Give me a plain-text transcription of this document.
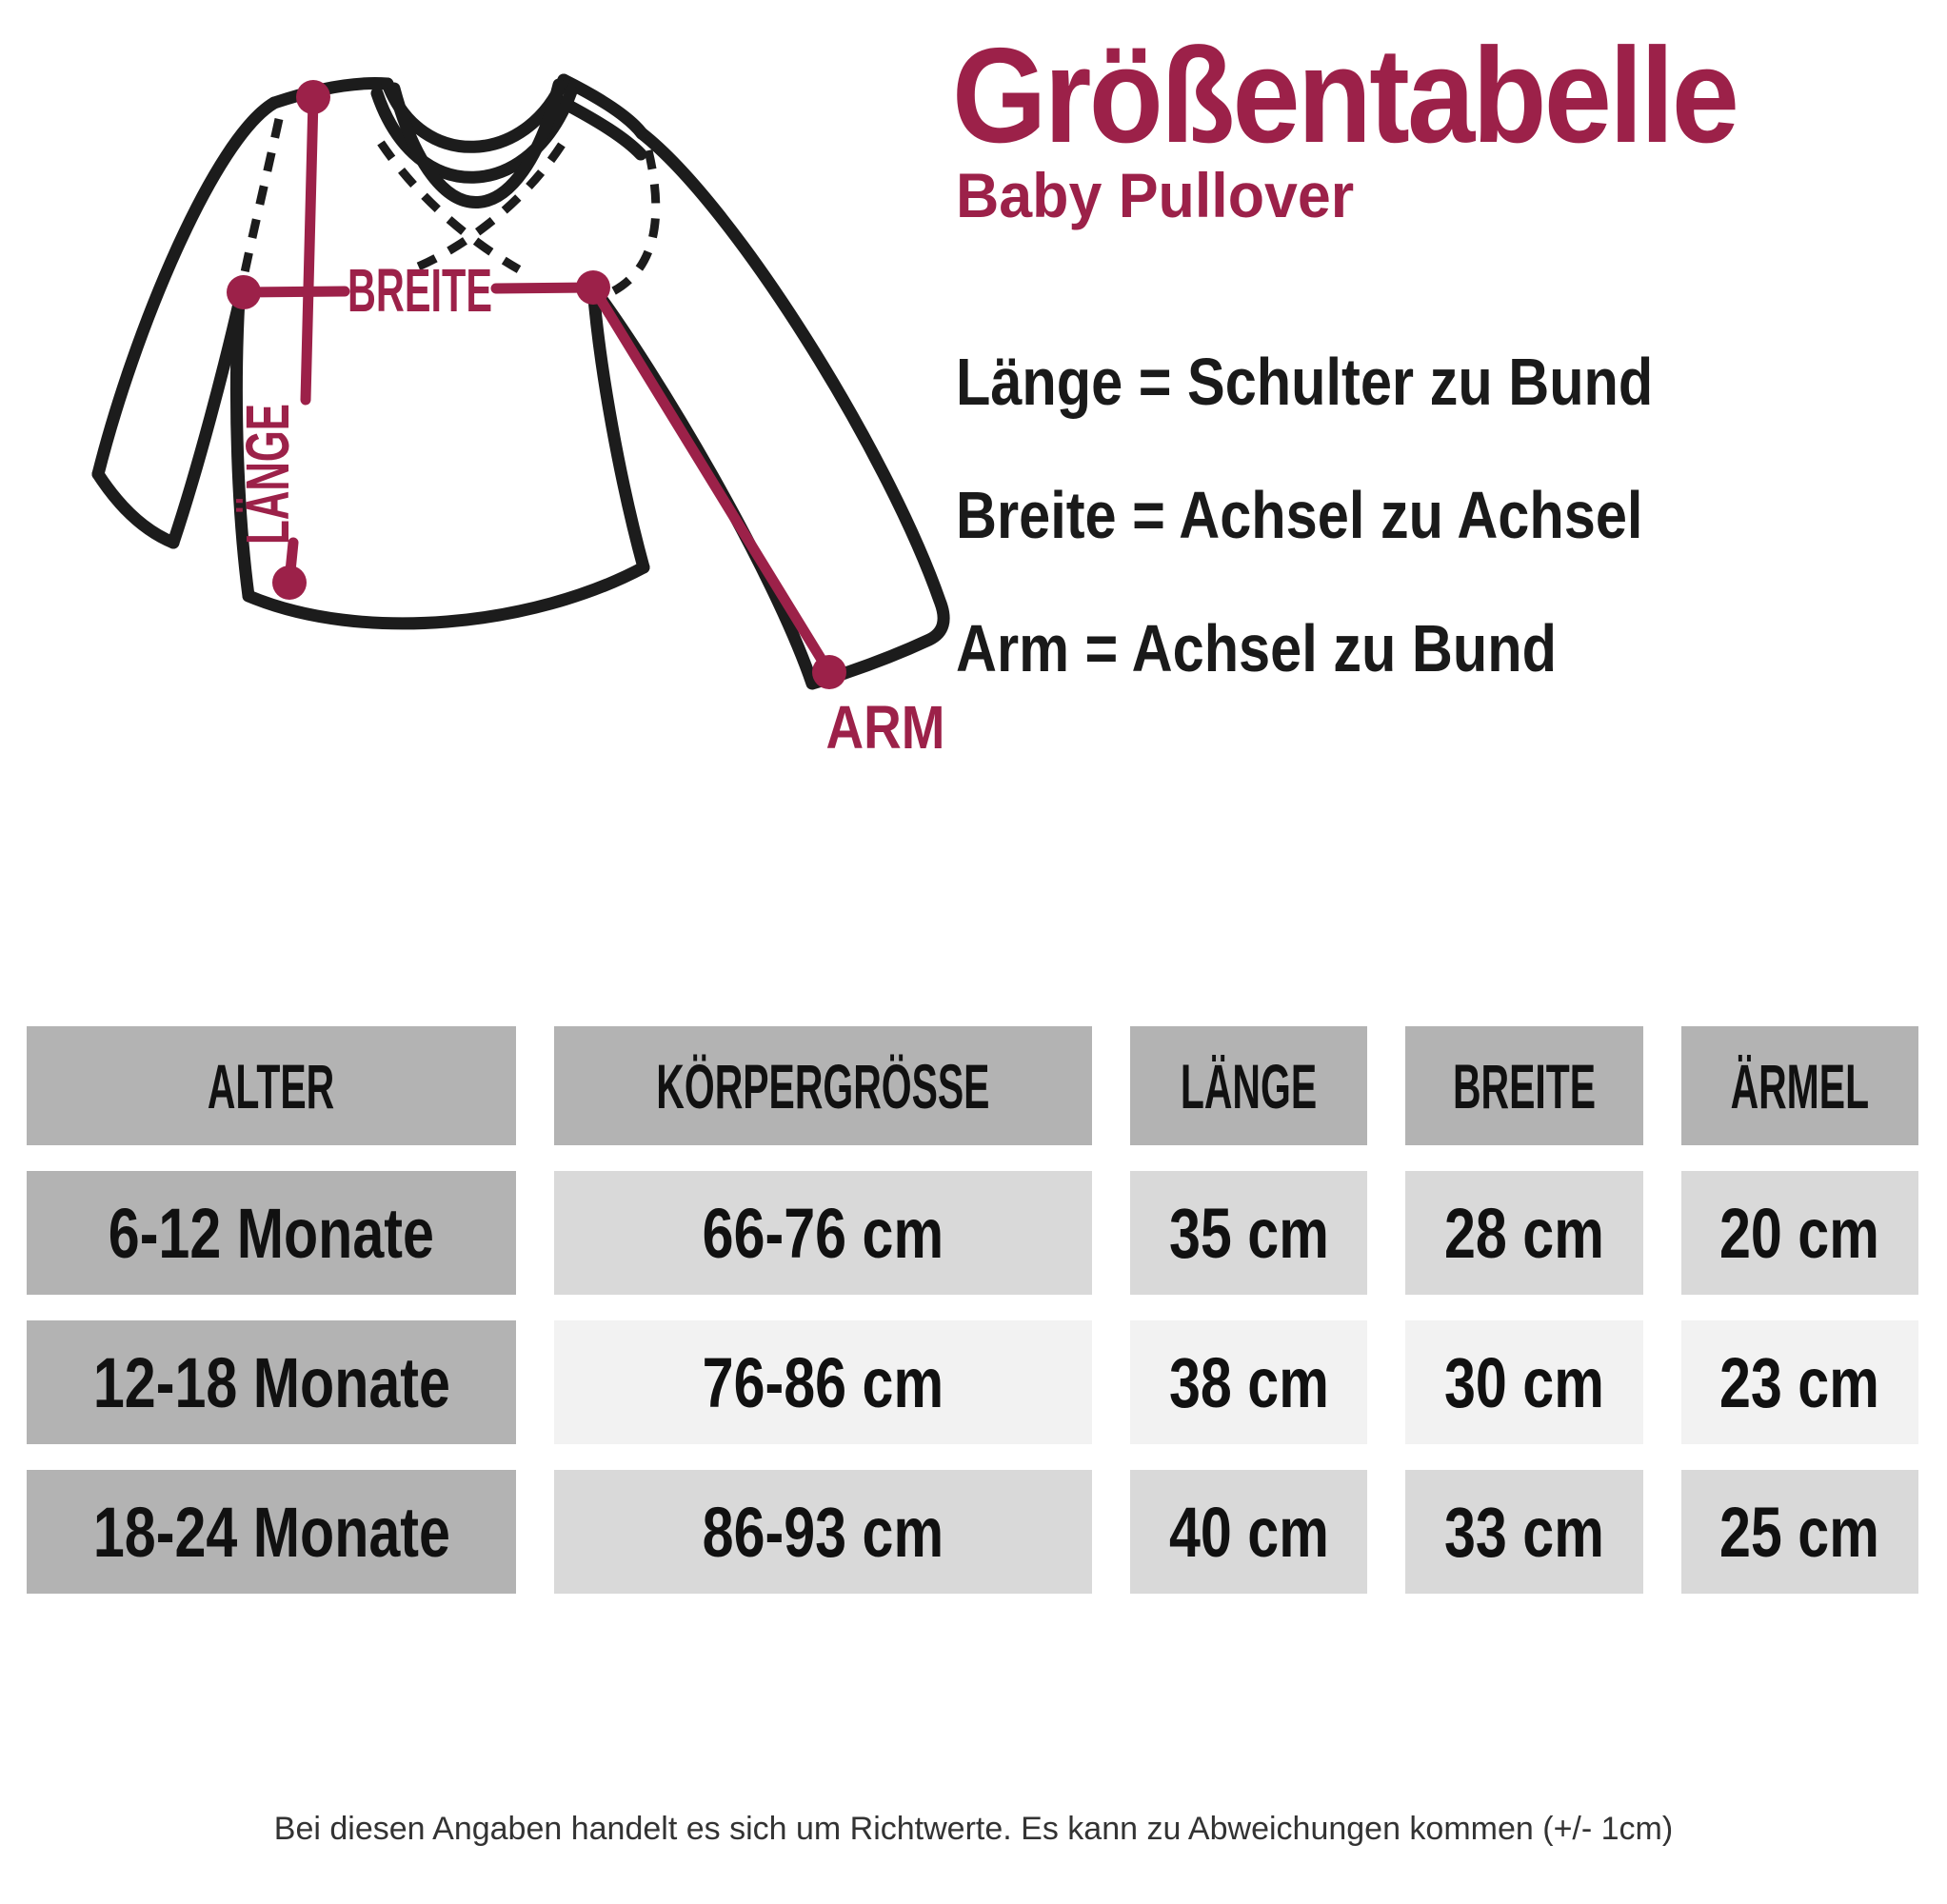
BREITE
LÄNGE
ARM
Größentabelle
Baby Pullover
Länge = Schulter zu Bund
Breite = Achsel zu Achsel
Arm = Achsel zu Bund
ALTER	KÖRPERGRÖSSE	LÄNGE BREITE ÄRMEL
6-12 Monate	66-76 cm	35 cm 28 cm 20 cm
12-18 Monate	76-86 cm	38 cm 30 cm 23 cm
18-24 Monate	86-93 cm	40 cm 33 cm 25 cm
Bei diesen Angaben handelt es sich um Richtwerte. Es kann zu Abweichungen kommen (+/- 1cm)
